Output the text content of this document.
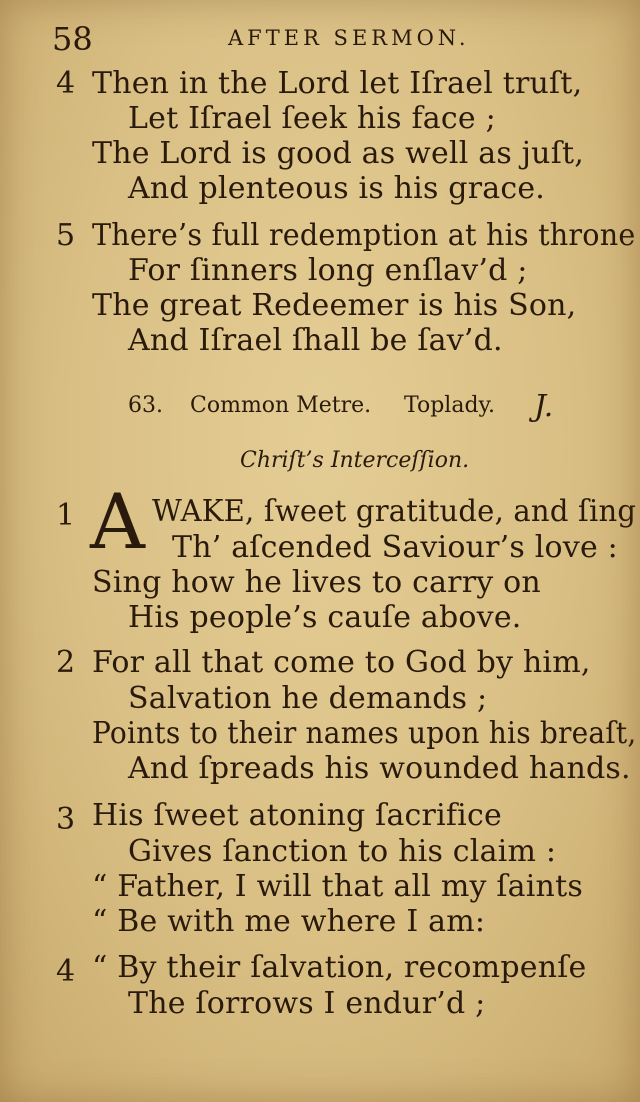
58	AFTER SERMON.
4 Then in the Lord let Iſrael truſt,
Let Iſrael ſeek his face ;
The Lord is good as well as juſt,
And plenteous is his grace.
5 There’s full redemption at his throne
For ſinners long enſlav’d ;
The great Redeemer is his Son,
And Iſrael ſhall be ſav’d.
63. Common Metre. Toplady. J.
Chriſt’s Interceſſion.
1	WAKE, ſweet gratitude, and ſing
Th’ aſcended Saviour’s love :
Sing how he lives to carry on
His people’s cauſe above.
A
2 For all that come to God by him,
Salvation he demands ;
Points to their names upon his breaſt,
And ſpreads his wounded hands.
3 His ſweet atoning ſacrifice
Gives ſanction to his claim :
“ Father, I will that all my ſaints
“ Be with me where I am:
4 “ By their ſalvation, recompenſe
The ſorrows I endur’d ;
